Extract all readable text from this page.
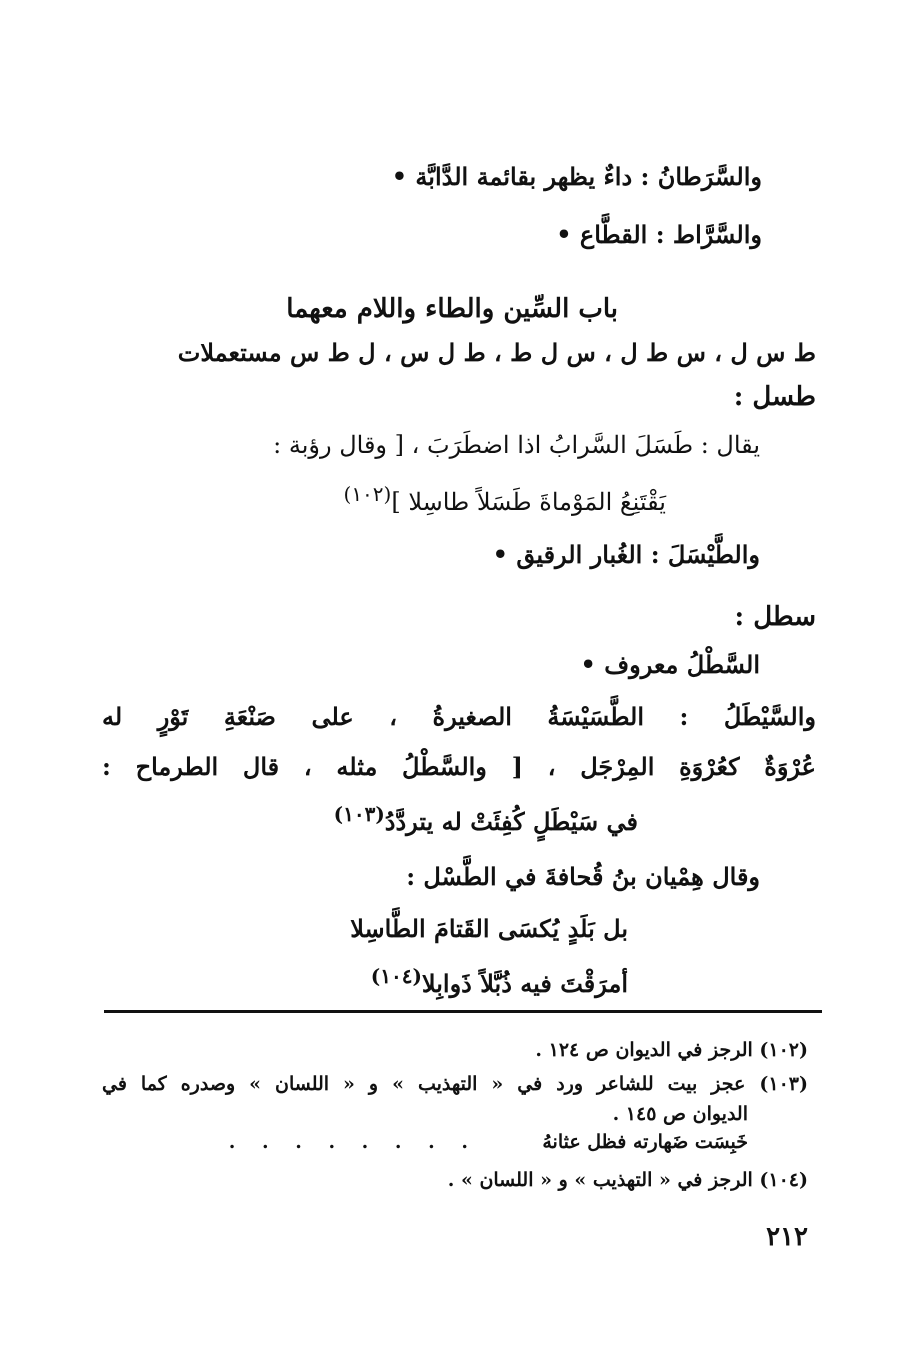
والسَّرَطانُ : داءٌ يظهر بقائمة الدَّابَّة •
والسَّرَّاط : القطَّاع •
باب السِّين والطاء واللام معهما
ط س ل ، س ط ل ، س ل ط ، ط ل س ، ل ط س مستعملات
طسل :
يقال : طَسَلَ السَّرابُ اذا اضطَرَبَ ، [ وقال رؤبة :
يَقْتَنِعُ المَوْماةَ طَسَلاً طاسِلا ]$^{(١٠٢)}$
والطَّيْسَلَ : الغُبار الرقيق •
سطل :
السَّطْلُ معروف •
والسَّيْطَلُ : الطَّسَيْسَةُ الصغيرةُ ، على صَنْعَةِ تَوْرٍ له
عُرْوَةٌ كعُرْوَةِ المِرْجَل ، [ والسَّطْلُ مثله ، قال الطرماح :
في سَيْطَلٍ كُفِئَتْ له يتردَّدُ$^{(١٠٣)}$
وقال هِمْيان بنُ قُحافةَ في الطَّسْل :
بل بَلَدٍ يُكسَى القَتامَ الطَّاسِلا
أمرَقْتَ فيه ذُبَّلاً ذَوابِلا$^{(١٠٤)}$
(١٠٢) الرجز في الديوان ص ١٢٤ .
(١٠٣) عجز بيت للشاعر ورد في « التهذيب » و « اللسان » وصدره كما في
الديوان ص ١٤٥ .
خَبِسَت ضَهارته فظل عثانهُ
. . . . . . . .
(١٠٤) الرجز في « التهذيب » و « اللسان » .
٢١٢
